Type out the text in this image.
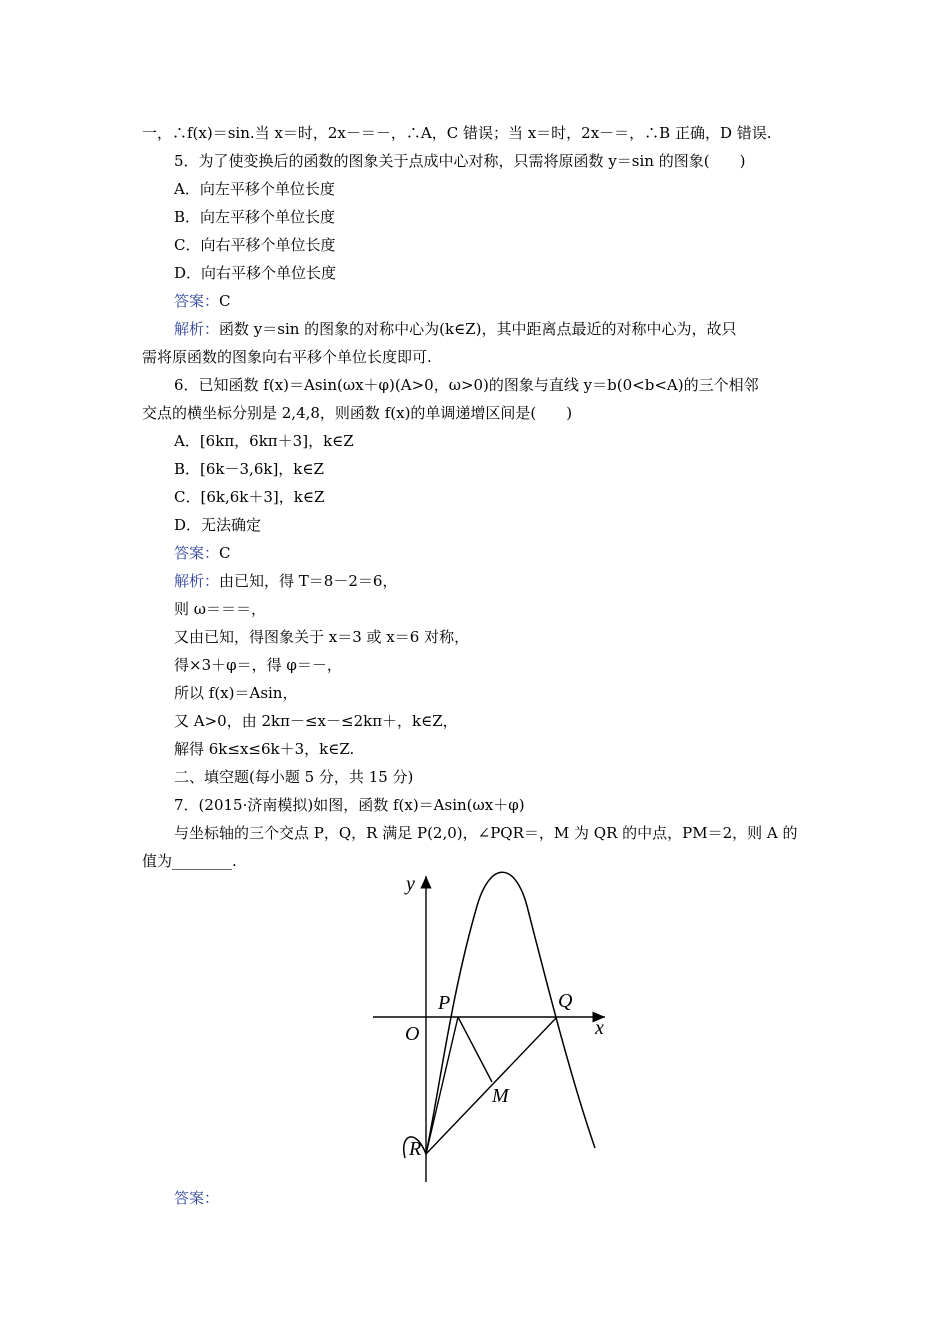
一，∴f(x)＝sin.当 x＝时，2x－＝－，∴A，C 错误；当 x＝时，2x－＝，∴B 正确，D 错误.
5．为了使变换后的函数的图象关于点成中心对称，只需将原函数 y＝sin 的图象(　　)
A．向左平移个单位长度
B．向左平移个单位长度
C．向右平移个单位长度
D．向右平移个单位长度
答案：C
解析：函数 y＝sin 的图象的对称中心为(k∈Z)，其中距离点最近的对称中心为，故只
需将原函数的图象向右平移个单位长度即可.
6．已知函数 f(x)＝Asin(ωx＋φ)(A>0，ω>0)的图象与直线 y＝b(0<b<A)的三个相邻
交点的横坐标分别是 2,4,8，则函数 f(x)的单调递增区间是(　　)
A．[6kπ，6kπ＋3]，k∈Z
B．[6k－3,6k]，k∈Z
C．[6k,6k＋3]，k∈Z
D．无法确定
答案：C
解析：由已知，得 T＝8－2＝6，
则 ω＝＝＝，
又由已知，得图象关于 x＝3 或 x＝6 对称，
得×3＋φ＝，得 φ＝－，
所以 f(x)＝Asin，
又 A>0，由 2kπ－≤x－≤2kπ＋，k∈Z，
解得 6k≤x≤6k＋3，k∈Z.
二、填空题(每小题 5 分，共 15 分)
7．(2015·济南模拟)如图，函数 f(x)＝Asin(ωx＋φ)
与坐标轴的三个交点 P，Q，R 满足 P(2,0)，∠PQR＝，M 为 QR 的中点，PM＝2，则 A 的
值为________.
y
x
O
P	Q
M
R
答案：
